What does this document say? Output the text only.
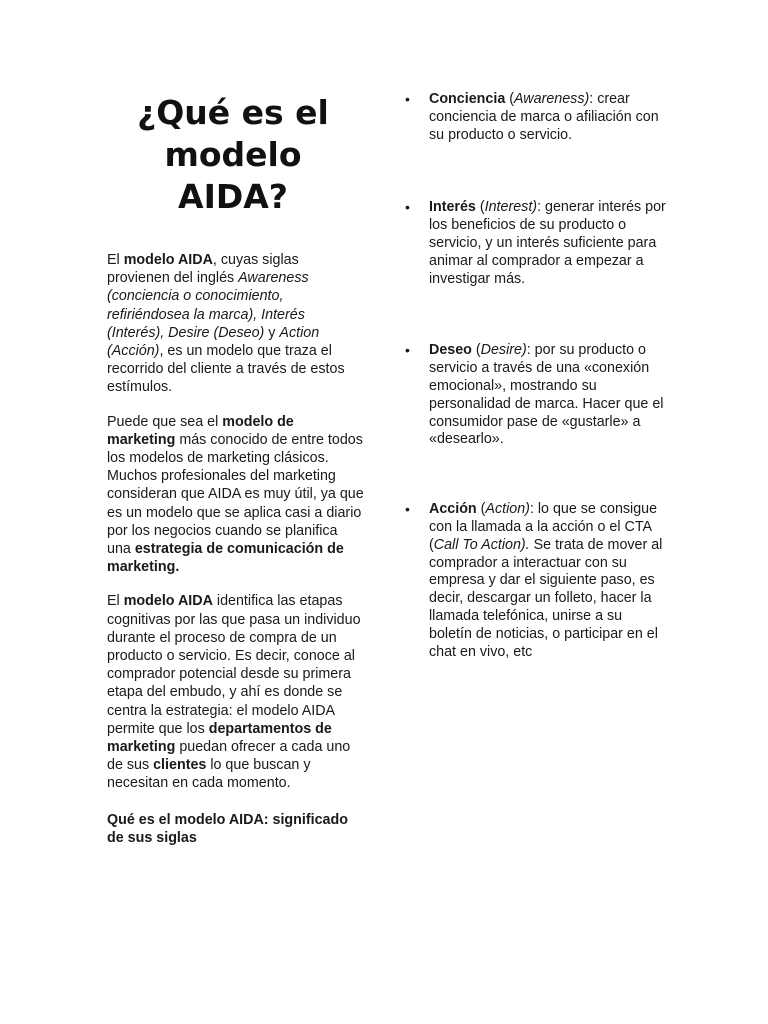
¿Qué es el
modelo
AIDA?

El modelo AIDA, cuyas siglas provienen del inglés Awareness (conciencia o conocimiento, refiriéndosea la marca), Interés (Interés), Desire (Deseo) y Action (Acción), es un modelo que traza el recorrido del cliente a través de estos estímulos.

Puede que sea el modelo de marketing más conocido de entre todos los modelos de marketing clásicos. Muchos profesionales del marketing consideran que AIDA es muy útil, ya que es un modelo que se aplica casi a diario por los negocios cuando se planifica una estrategia de comunicación de marketing.

El modelo AIDA identifica las etapas cognitivas por las que pasa un individuo durante el proceso de compra de un producto o servicio. Es decir, conoce al comprador potencial desde su primera etapa del embudo, y ahí es donde se centra la estrategia: el modelo AIDA permite que los departamentos de marketing puedan ofrecer a cada uno de sus clientes lo que buscan y necesitan en cada momento.

Qué es el modelo AIDA: significado de sus siglas

• Conciencia (Awareness): crear conciencia de marca o afiliación con su producto o servicio.
• Interés (Interest): generar interés por los beneficios de su producto o servicio, y un interés suficiente para animar al comprador a empezar a investigar más.
• Deseo (Desire): por su producto o servicio a través de una «conexión emocional», mostrando su personalidad de marca. Hacer que el consumidor pase de «gustarle» a «desearlo».
• Acción (Action): lo que se consigue con la llamada a la acción o el CTA (Call To Action). Se trata de mover al comprador a interactuar con su empresa y dar el siguiente paso, es decir, descargar un folleto, hacer la llamada telefónica, unirse a su boletín de noticias, o participar en el chat en vivo, etc
